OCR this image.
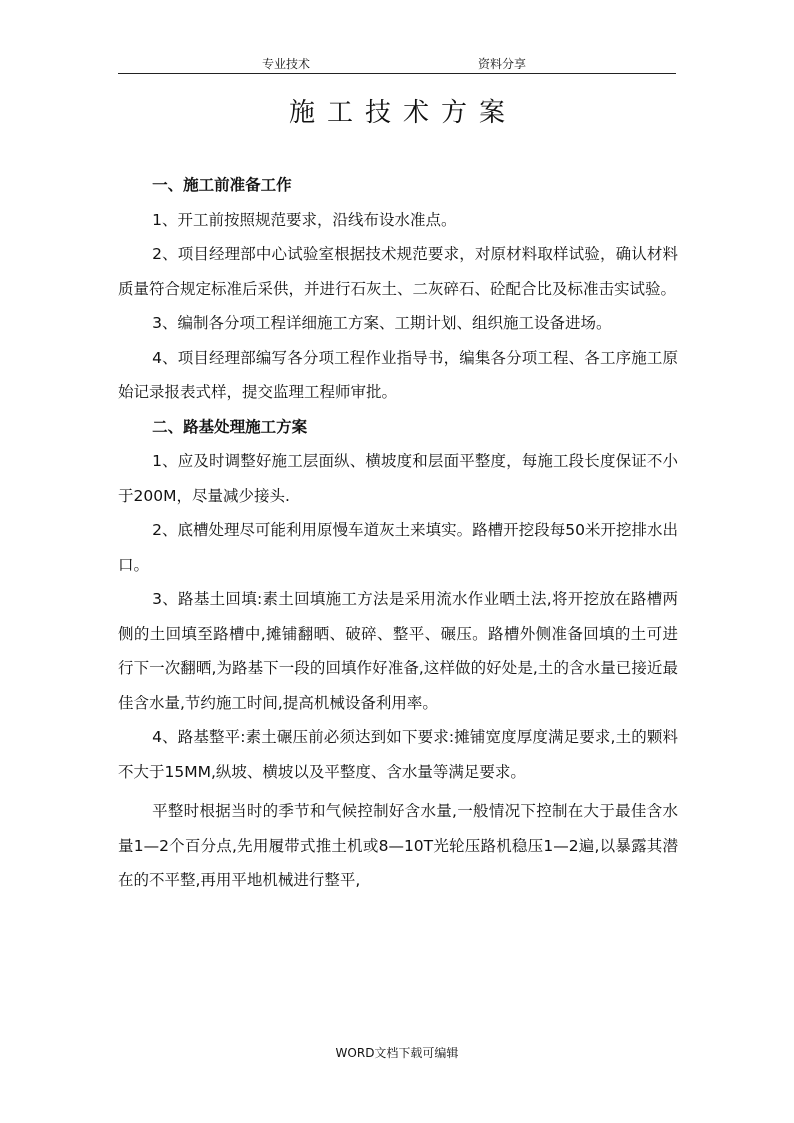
专业技术	资料分享
施工技术方案

一、施工前准备工作

1、开工前按照规范要求，沿线布设水准点。

2、项目经理部中心试验室根据技术规范要求，对原材料取样试验，确认材料质量符合规定标准后采供，并进行石灰土、二灰碎石、砼配合比及标准击实试验。

3、编制各分项工程详细施工方案、工期计划、组织施工设备进场。

4、项目经理部编写各分项工程作业指导书，编集各分项工程、各工序施工原始记录报表式样，提交监理工程师审批。

二、路基处理施工方案

1、应及时调整好施工层面纵、横坡度和层面平整度，每施工段长度保证不小于200M，尽量减少接头.

2、底槽处理尽可能利用原慢车道灰土来填实。路槽开挖段每50米开挖排水出口。

3、路基土回填:素土回填施工方法是采用流水作业晒土法,将开挖放在路槽两侧的土回填至路槽中,摊铺翻晒、破碎、整平、碾压。路槽外侧准备回填的土可进行下一次翻晒,为路基下一段的回填作好准备,这样做的好处是,土的含水量已接近最佳含水量,节约施工时间,提高机械设备利用率。

4、路基整平:素土碾压前必须达到如下要求:摊铺宽度厚度满足要求,土的颗料不大于15MM,纵坡、横坡以及平整度、含水量等满足要求。

平整时根据当时的季节和气候控制好含水量,一般情况下控制在大于最佳含水量1—2个百分点,先用履带式推土机或8—10T光轮压路机稳压1—2遍,以暴露其潜在的不平整,再用平地机械进行整平,

WORD文档下载可编辑
